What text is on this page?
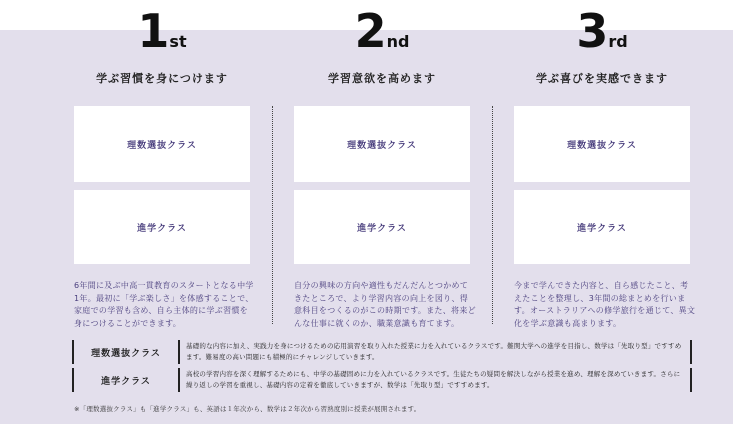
1 st
学ぶ習慣を身につけます
理数選抜クラス
進学クラス
6年間に及ぶ中高一貫教育のスタートとなる中学1年。最初に「学ぶ楽しさ」を体感することで、家庭での学習も含め、自ら主体的に学ぶ習慣を身につけることができます。
2 nd
学習意欲を高めます
理数選抜クラス
進学クラス
自分の興味の方向や適性もだんだんとつかめてきたところで、より学習内容の向上を図り、得意科目をつくるのがこの時期です。また、将来どんな仕事に就くのか、職業意識も育てます。
3 rd
学ぶ喜びを実感できます
理数選抜クラス
進学クラス
今まで学んできた内容と、自ら感じたこと、考えたことを整理し、3年間の総まとめを行います。オーストラリアへの修学旅行を通じて、異文化を学ぶ意識も高まります。
理数選抜クラス
基礎的な内容に加え、実践力を身につけるための応用演習を取り入れた授業に力を入れているクラスです。難関大学への進学を目指し、数学は「先取り型」ですすめます。難易度の高い問題にも積極的にチャレンジしていきます。
進学クラス
高校の学習内容を深く理解するためにも、中学の基礎固めに力を入れているクラスです。生徒たちの疑問を解決しながら授業を進め、理解を深めていきます。さらに繰り返しの学習を重視し、基礎内容の定着を徹底していきますが、数学は「先取り型」ですすめます。
※「理数選抜クラス」も「進学クラス」も、英語は１年次から、数学は２年次から習熟度別に授業が展開されます。
